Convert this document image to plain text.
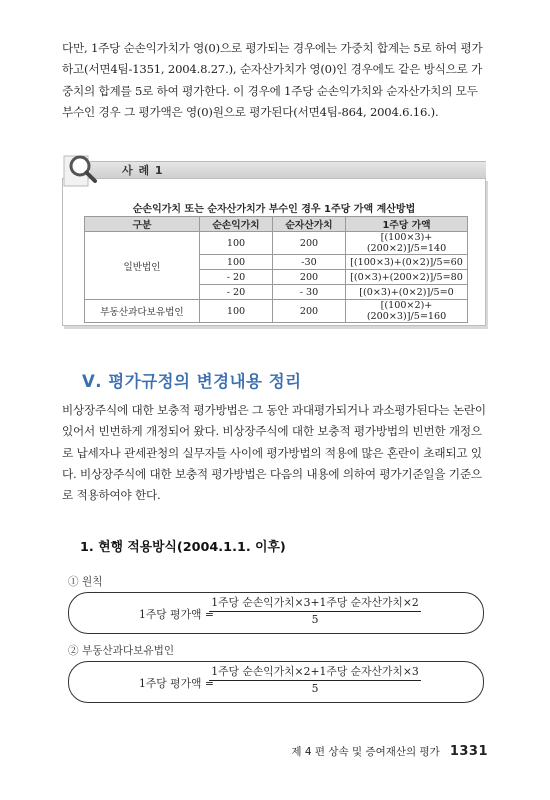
다만, 1주당 순손익가치가 영(0)으로 평가되는 경우에는 가중치 합계는 5로 하여 평가하고(서면4팀-1351, 2004.8.27.), 순자산가치가 영(0)인 경우에도 같은 방식으로 가중치의 합계를 5로 하여 평가한다. 이 경우에 1주당 순손익가치와 순자산가치의 모두 부수인 경우 그 평가액은 영(0)원으로 평가된다(서면4팀-864, 2004.6.16.).
사 례 1
순손익가치 또는 순자산가치가 부수인 경우 1주당 가액 계산방법
구분	순손익가치	순자산가치	1주당 가액
일반법인	100	200	[(100×3)+(200×2)]/5=140
	100	-30	[(100×3)+(0×2)]/5=60
	- 20	200	[(0×3)+(200×2)]/5=80
	- 20	- 30	[(0×3)+(0×2)]/5=0
부동산과다보유법인	100	200	[(100×2)+(200×3)]/5=160
Ⅴ. 평가규정의 변경내용 정리
비상장주식에 대한 보충적 평가방법은 그 동안 과대평가되거나 과소평가된다는 논란이 있어서 빈번하게 개정되어 왔다. 비상장주식에 대한 보충적 평가방법의 빈번한 개정으로 납세자나 관세관청의 실무자들 사이에 평가방법의 적용에 많은 혼란이 초래되고 있다. 비상장주식에 대한 보충적 평가방법은 다음의 내용에 의하여 평가기준일을 기준으로 적용하여야 한다.
1. 현행 적용방식(2004.1.1. 이후)
① 원칙
1주당 평가액 =
1주당 순손익가치×3+1주당 순자산가치×2
5
② 부동산과다보유법인
1주당 평가액 =
1주당 순손익가치×2+1주당 순자산가치×3
5
제 4 편 상속 및 증여재산의 평가 1331
